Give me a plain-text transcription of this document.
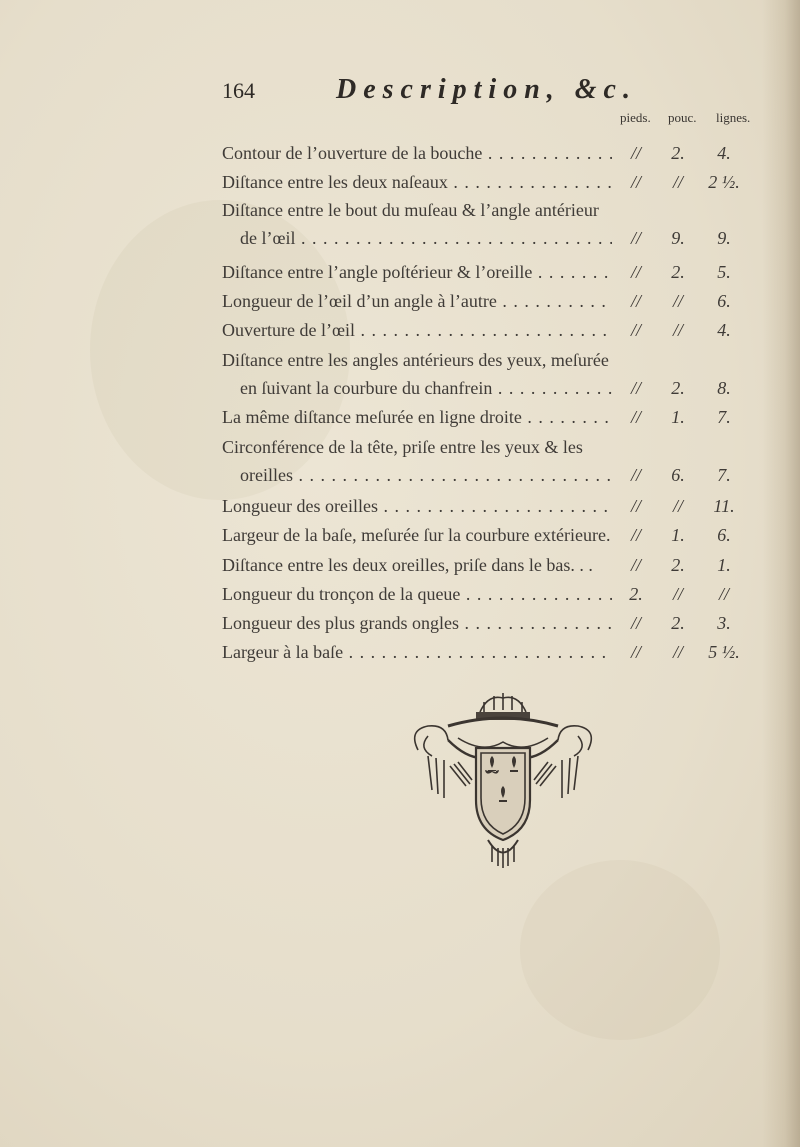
164	Description, &c.
pieds. pouc. lignes.
Contour de l’ouverture de la bouche . . .	//	2.	4.
Diſtance entre les deux naſeaux . . .	//	//	2 ½.
Diſtance entre le bout du muſeau & l’angle antérieur
de l’œil . . .	//	9.	9.
Diſtance entre l’angle poſtérieur & l’oreille . . .	//	2.	5.
Longueur de l’œil d’un angle à l’autre . . .	//	//	6.
Ouverture de l’œil . . .	//	//	4.
Diſtance entre les angles antérieurs des yeux, meſurée
en ſuivant la courbure du chanfrein . . .	//	2.	8.
La même diſtance meſurée en ligne droite . . .	//	1.	7.
Circonférence de la tête, priſe entre les yeux & les
oreilles . . .	//	6.	7.
Longueur des oreilles . . .	//	//	11.
Largeur de la baſe, meſurée ſur la courbure extérieure.	//	1.	6.
Diſtance entre les deux oreilles, priſe dans le bas. . .	//	2.	1.
Longueur du tronçon de la queue . . .	2.	//	//
Longueur des plus grands ongles . . .	//	2.	3.
Largeur à la baſe . . .	//	//	5 ½.
